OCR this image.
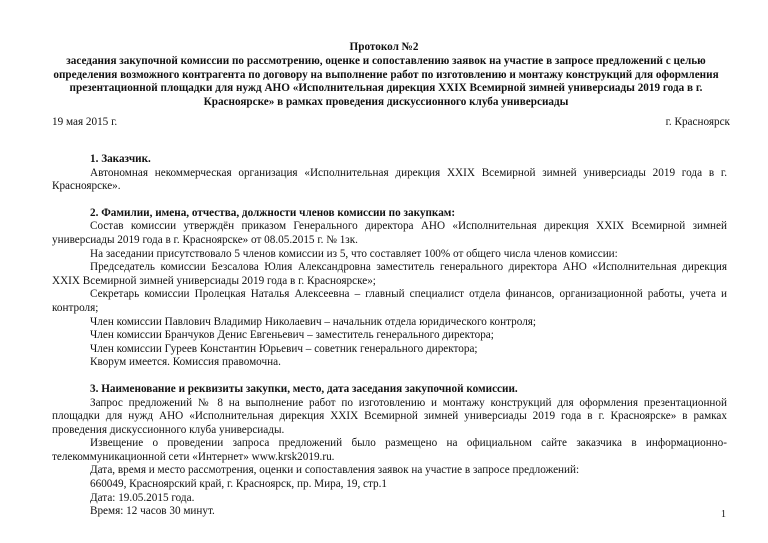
Протокол №2
заседания закупочной комиссии по рассмотрению, оценке и сопоставлению заявок на участие в запросе предложений с целью
определения возможного контрагента по договору на выполнение работ по изготовлению и монтажу конструкций для оформления
презентационной площадки для нужд АНО «Исполнительная дирекция XXIX Всемирной зимней универсиады 2019 года в г.
Красноярске» в рамках проведения дискуссионного клуба универсиады
19 мая 2015 г.	г. Красноярск
1. Заказчик.

Автономная некоммерческая организация «Исполнительная дирекция XXIX Всемирной зимней универсиады 2019 года в г. Красноярске».

2. Фамилии, имена, отчества, должности членов комиссии по закупкам:

Состав комиссии утверждён приказом Генерального директора АНО «Исполнительная дирекция XXIX Всемирной зимней универсиады 2019 года в г. Красноярске» от 08.05.2015 г. № 1зк.

На заседании присутствовало 5 членов комиссии из 5, что составляет 100% от общего числа членов комиссии:

Председатель комиссии Безсалова Юлия Александровна заместитель генерального директора АНО «Исполнительная дирекция XXIX Всемирной зимней универсиады 2019 года в г. Красноярске»;

Секретарь комиссии Пролецкая Наталья Алексеевна – главный специалист отдела финансов, организационной работы, учета и контроля;

Член комиссии Павлович Владимир Николаевич – начальник отдела юридического контроля;

Член комиссии Бранчуков Денис Евгеньевич – заместитель генерального директора;

Член комиссии Гуреев Константин Юрьевич – советник генерального директора;

Кворум имеется. Комиссия правомочна.

3. Наименование и реквизиты закупки, место, дата заседания закупочной комиссии.

Запрос предложений № 8 на выполнение работ по изготовлению и монтажу конструкций для оформления презентационной площадки для нужд АНО «Исполнительная дирекция XXIX Всемирной зимней универсиады 2019 года в г. Красноярске» в рамках проведения дискуссионного клуба универсиады.

Извещение о проведении запроса предложений было размещено на официальном сайте заказчика в информационно-телекоммуникационной сети «Интернет» www.krsk2019.ru.

Дата, время и место рассмотрения, оценки и сопоставления заявок на участие в запросе предложений:

660049, Красноярский край, г. Красноярск, пр. Мира, 19, стр.1

Дата: 19.05.2015 года.

Время: 12 часов 30 минут.	1
